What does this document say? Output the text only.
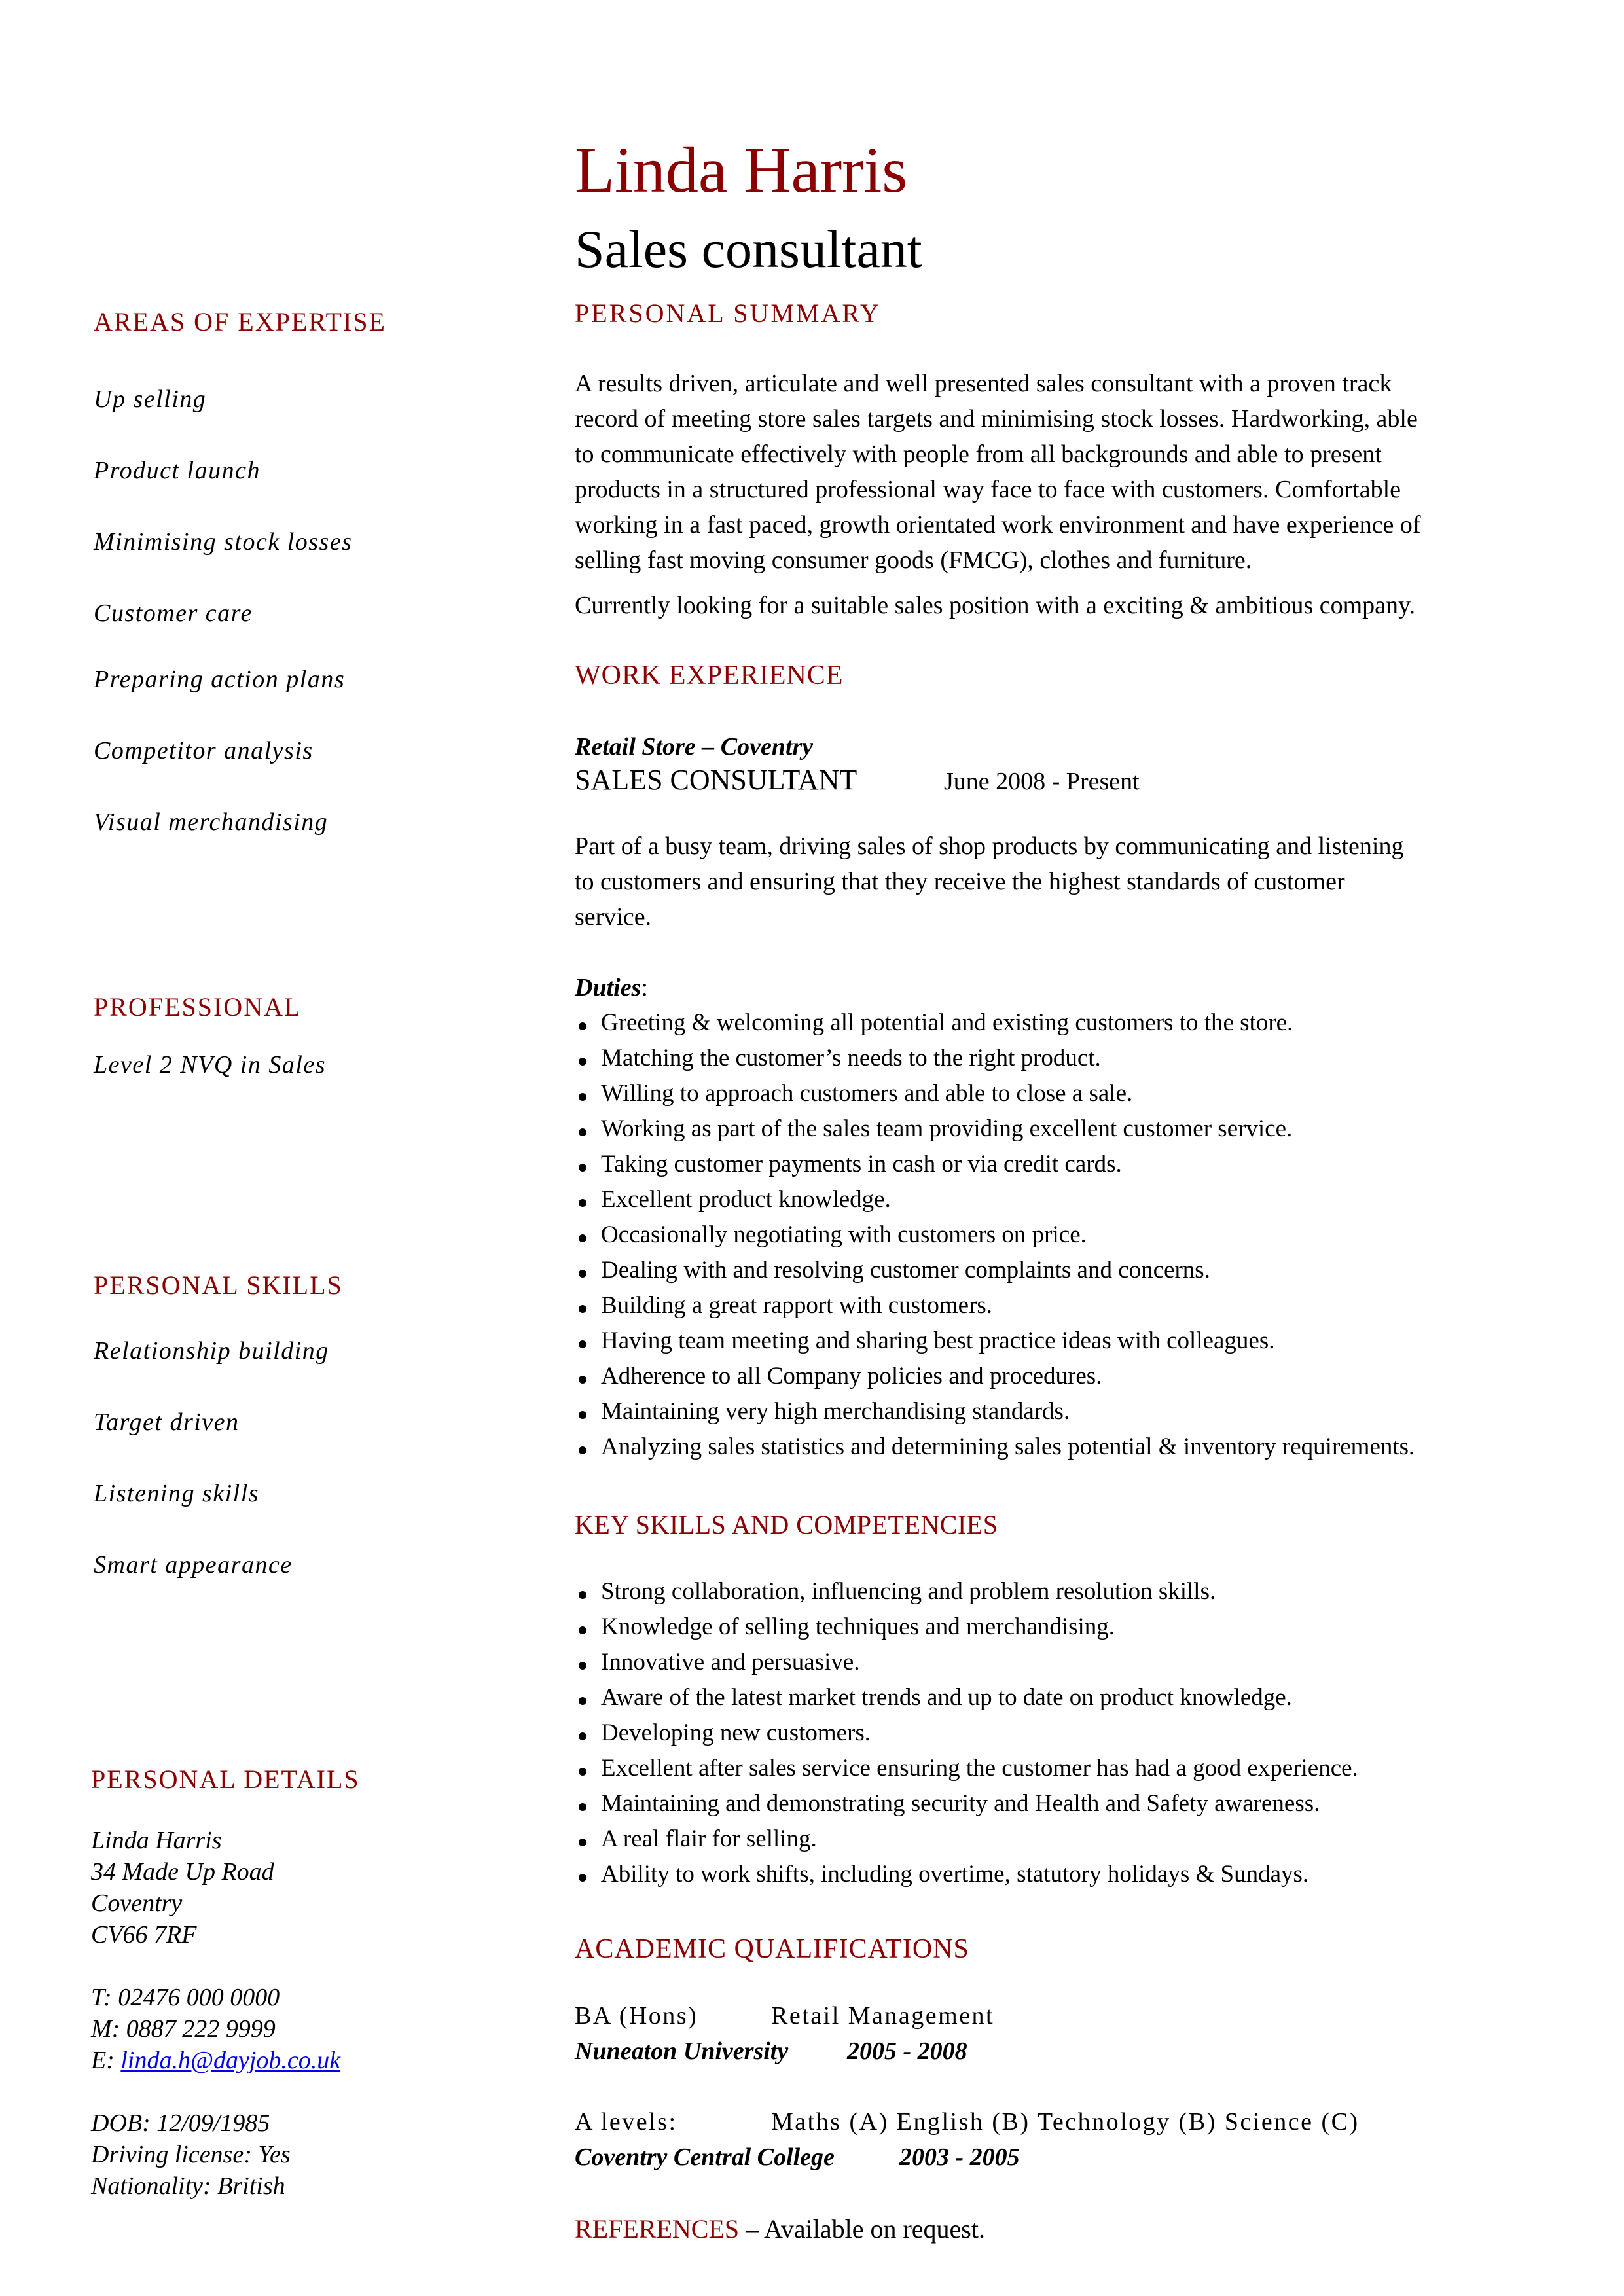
AREAS OF EXPERTISE
Up selling
Product launch
Minimising stock losses
Customer care
Preparing action plans
Competitor analysis
Visual merchandising
PROFESSIONAL
Level 2 NVQ in Sales
PERSONAL SKILLS
Relationship building
Target driven
Listening skills
Smart appearance
PERSONAL DETAILS
Linda Harris
34 Made Up Road
Coventry
CV66 7RF
T: 02476 000 0000
M: 0887 222 9999
E: linda.h@dayjob.co.uk
DOB: 12/09/1985
Driving license: Yes
Nationality: British
Linda Harris
Sales consultant
PERSONAL SUMMARY
A results driven, articulate and well presented sales consultant with a proven track
record of meeting store sales targets and minimising stock losses. Hardworking, able
to communicate effectively with people from all backgrounds and able to present
products in a structured professional way face to face with customers. Comfortable
working in a fast paced, growth orientated work environment and have experience of
selling fast moving consumer goods (FMCG), clothes and furniture.
Currently looking for a suitable sales position with a exciting & ambitious company.
WORK EXPERIENCE
Retail Store – Coventry
SALES CONSULTANT	June 2008 - Present
Part of a busy team, driving sales of shop products by communicating and listening
to customers and ensuring that they receive the highest standards of customer
service.
Duties:
Greeting & welcoming all potential and existing customers to the store.
Matching the customer’s needs to the right product.
Willing to approach customers and able to close a sale.
Working as part of the sales team providing excellent customer service.
Taking customer payments in cash or via credit cards.
Excellent product knowledge.
Occasionally negotiating with customers on price.
Dealing with and resolving customer complaints and concerns.
Building a great rapport with customers.
Having team meeting and sharing best practice ideas with colleagues.
Adherence to all Company policies and procedures.
Maintaining very high merchandising standards.
Analyzing sales statistics and determining sales potential & inventory requirements.
KEY SKILLS AND COMPETENCIES
Strong collaboration, influencing and problem resolution skills.
Knowledge of selling techniques and merchandising.
Innovative and persuasive.
Aware of the latest market trends and up to date on product knowledge.
Developing new customers.
Excellent after sales service ensuring the customer has had a good experience.
Maintaining and demonstrating security and Health and Safety awareness.
A real flair for selling.
Ability to work shifts, including overtime, statutory holidays & Sundays.
ACADEMIC QUALIFICATIONS
BA (Hons)	Retail Management
Nuneaton University 2005 - 2008
A levels:	Maths (A) English (B) Technology (B) Science (C)
Coventry Central College	2003 - 2005
REFERENCES – Available on request.
